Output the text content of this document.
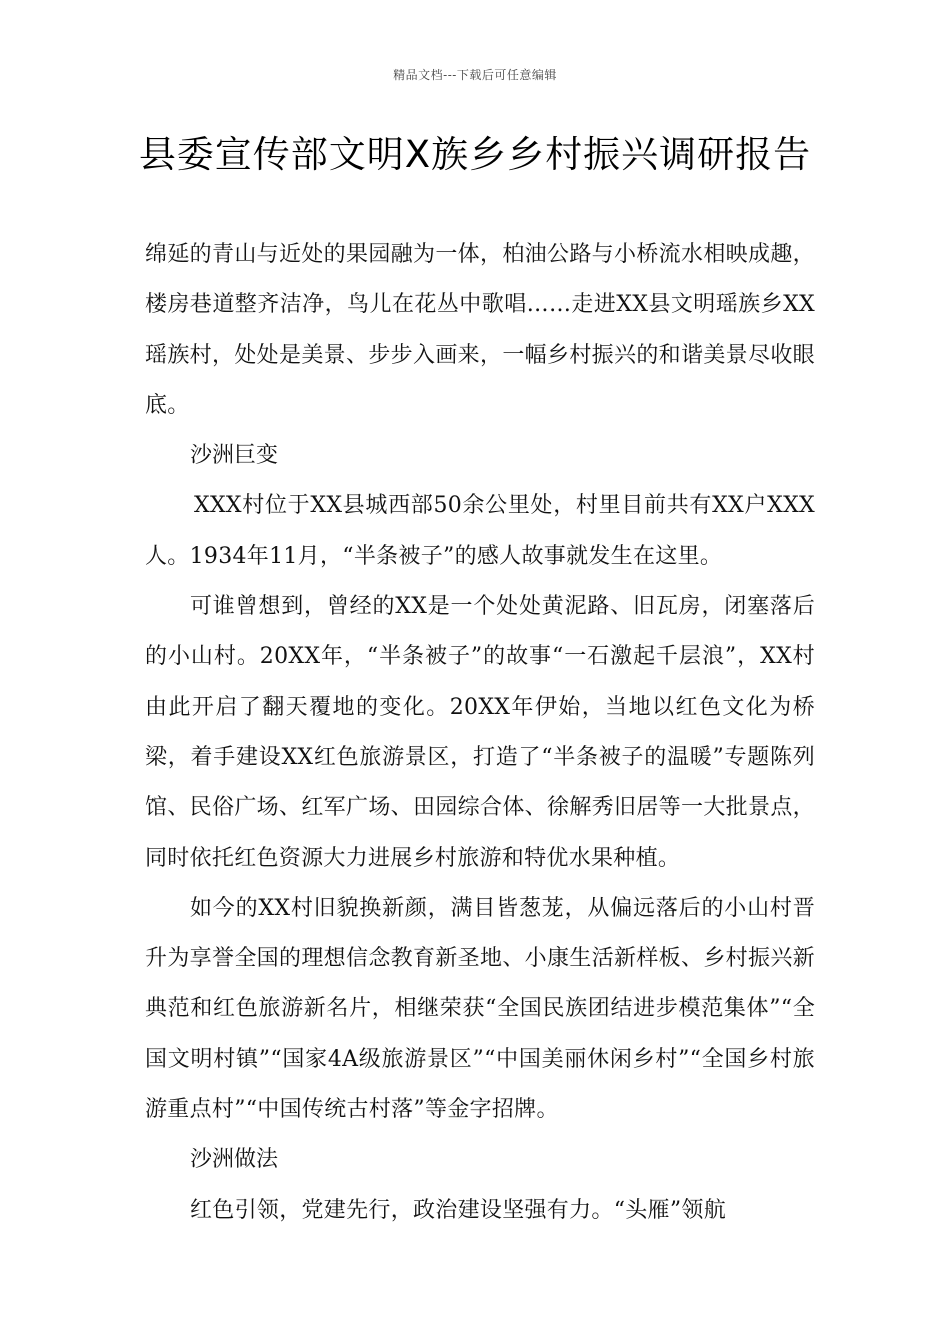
精品文档---下载后可任意编辑
县委宣传部文明X族乡乡村振兴调研报告

绵延的青山与近处的果园融为一体，柏油公路与小桥流水相映成趣，楼房巷道整齐洁净，鸟儿在花丛中歌唱……走进XX县文明瑶族乡XX瑶族村，处处是美景、步步入画来，一幅乡村振兴的和谐美景尽收眼底。

沙洲巨变

XXX村位于XX县城西部50余公里处，村里目前共有XX户XXX人。1934年11月，“半条被子”的感人故事就发生在这里。

可谁曾想到，曾经的XX是一个处处黄泥路、旧瓦房，闭塞落后的小山村。20XX年，“半条被子”的故事“一石激起千层浪”，XX村由此开启了翻天覆地的变化。20XX年伊始，当地以红色文化为桥梁，着手建设XX红色旅游景区，打造了“半条被子的温暖”专题陈列馆、民俗广场、红军广场、田园综合体、徐解秀旧居等一大批景点，同时依托红色资源大力进展乡村旅游和特优水果种植。

如今的XX村旧貌换新颜，满目皆葱茏，从偏远落后的小山村晋升为享誉全国的理想信念教育新圣地、小康生活新样板、乡村振兴新典范和红色旅游新名片，相继荣获“全国民族团结进步模范集体”“全国文明村镇”“国家4A级旅游景区”“中国美丽休闲乡村”“全国乡村旅游重点村”“中国传统古村落”等金字招牌。

沙洲做法

红色引领，党建先行，政治建设坚强有力。“头雁”领航
